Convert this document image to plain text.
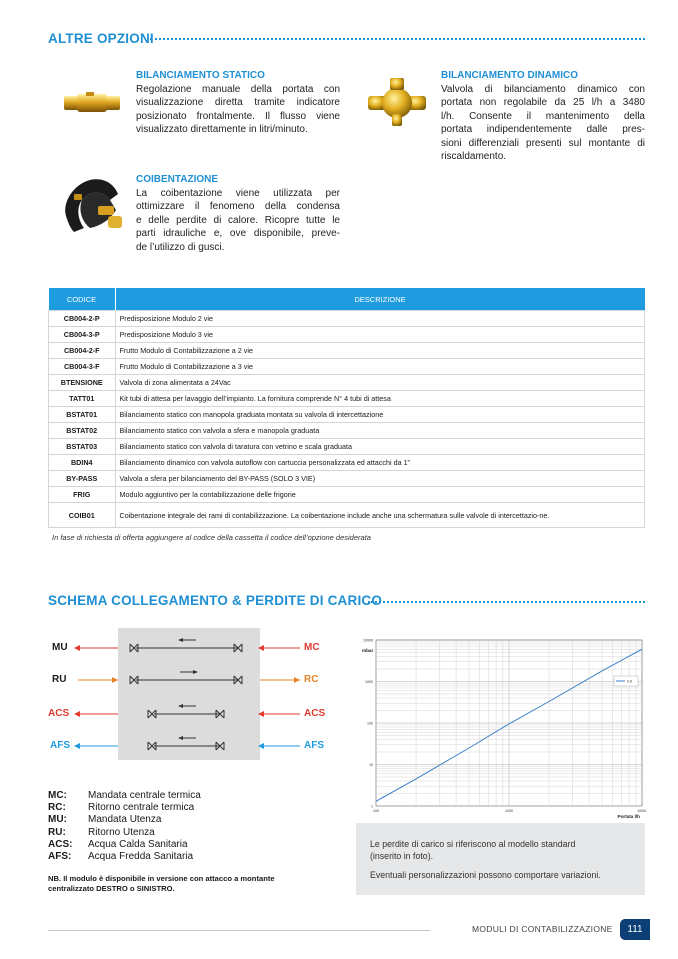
ALTRE OPZIONI
BILANCIAMENTO STATICO
Regolazione manuale della portata con
visualizzazione diretta tramite indicatore
posizionato frontalmente. Il flusso viene
visualizzato direttamente in litri/minuto.
BILANCIAMENTO DINAMICO
Valvola di bilanciamento dinamico con
portata non regolabile da 25 l/h a 3480
l/h. Consente il mantenimento della
portata indipendentemente dalle pres-
sioni differenziali presenti sul montante di
riscaldamento.
COIBENTAZIONE
La coibentazione viene utilizzata per
ottimizzare il fenomeno della condensa
e delle perdite di calore. Ricopre tutte le
parti idrauliche e, ove disponibile, preve-
de l’utilizzo di gusci.
CODICE	DESCRIZIONE
CB004-2-P	Predisposizione Modulo 2 vie
CB004-3-P	Predisposizione Modulo 3 vie
CB004-2-F	Frutto Modulo di Contabilizzazione a 2 vie
CB004-3-F	Frutto Modulo di Contabilizzazione a 3 vie
BTENSIONE	Valvola di zona alimentata a 24Vac
TATT01	Kit tubi di attesa per lavaggio dell’impianto. La fornitura comprende N° 4 tubi di attesa
BSTAT01	Bilanciamento statico con manopola graduata montata su valvola di intercettazione
BSTAT02	Bilanciamento statico con valvola a sfera e manopola graduata
BSTAT03	Bilanciamento statico con valvola di taratura con vetrino e scala graduata
BDIN4	Bilanciamento dinamico con valvola autoflow con cartuccia personalizzata ed attacchi da 1”
BY-PASS	Valvola a sfera per bilanciamento del BY-PASS (SOLO 3 VIE)
FRIG	Modulo aggiuntivo per la contabilizzazione delle frigorie
COIB01	Coibentazione integrale dei rami di contabilizzazione. La coibentazione include anche una schermatura sulle valvole di intercettazio-ne.
In fase di richiesta di offerta aggiungere al codice della cassetta il codice dell’opzione desiderata
SCHEMA COLLEGAMENTO & PERDITE DI CARICO
MU
RU
ACS
AFS
MC
RC
ACS
AFS
MC:	Mandata centrale termica
RC:	Ritorno centrale termica
MU:	Mandata Utenza
RU:	Ritorno Utenza
ACS:	Acqua Calda Sanitaria
AFS:	Acqua Fredda Sanitaria
NB. Il modulo è disponibile in versione con attacco a montante
centralizzato DESTRO o SINISTRO.
10000
1000
100
10
1
100	1000	10000
mbar
Portata l/h
0,5
Le perdite di carico si riferiscono al modello standard
(inserito in foto).
Eventuali personalizzazioni possono comportare variazioni.
MODULI DI CONTABILIZZAZIONE	111
